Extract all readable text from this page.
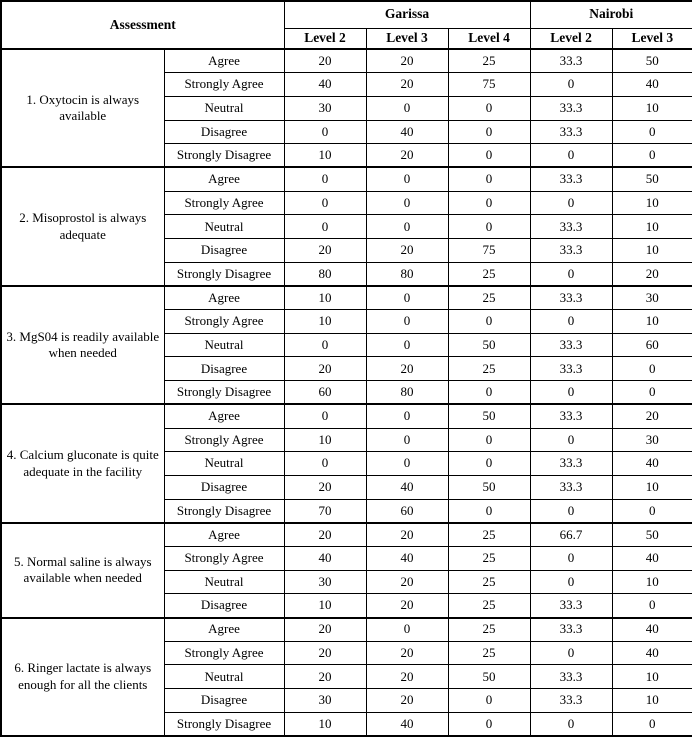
Assessment		Garissa			Nairobi	
		Level 2	Level 3	Level 4	Level 2	Level 3
1. Oxytocin is always available	Agree	20	20	25	33.3	50
	Strongly Agree	40	20	75	0	40
	Neutral	30	0	0	33.3	10
	Disagree	0	40	0	33.3	0
	Strongly Disagree	10	20	0	0	0
2. Misoprostol is always adequate	Agree	0	0	0	33.3	50
	Strongly Agree	0	0	0	0	10
	Neutral	0	0	0	33.3	10
	Disagree	20	20	75	33.3	10
	Strongly Disagree	80	80	25	0	20
3. MgS04 is readily available when needed	Agree	10	0	25	33.3	30
	Strongly Agree	10	0	0	0	10
	Neutral	0	0	50	33.3	60
	Disagree	20	20	25	33.3	0
	Strongly Disagree	60	80	0	0	0
4. Calcium gluconate is quite adequate in the facility	Agree	0	0	50	33.3	20
	Strongly Agree	10	0	0	0	30
	Neutral	0	0	0	33.3	40
	Disagree	20	40	50	33.3	10
	Strongly Disagree	70	60	0	0	0
5. Normal saline is always available when needed	Agree	20	20	25	66.7	50
	Strongly Agree	40	40	25	0	40
	Neutral	30	20	25	0	10
	Disagree	10	20	25	33.3	0
6. Ringer lactate is always enough for all the clients	Agree	20	0	25	33.3	40
	Strongly Agree	20	20	25	0	40
	Neutral	20	20	50	33.3	10
	Disagree	30	20	0	33.3	10
	Strongly Disagree	10	40	0	0	0
